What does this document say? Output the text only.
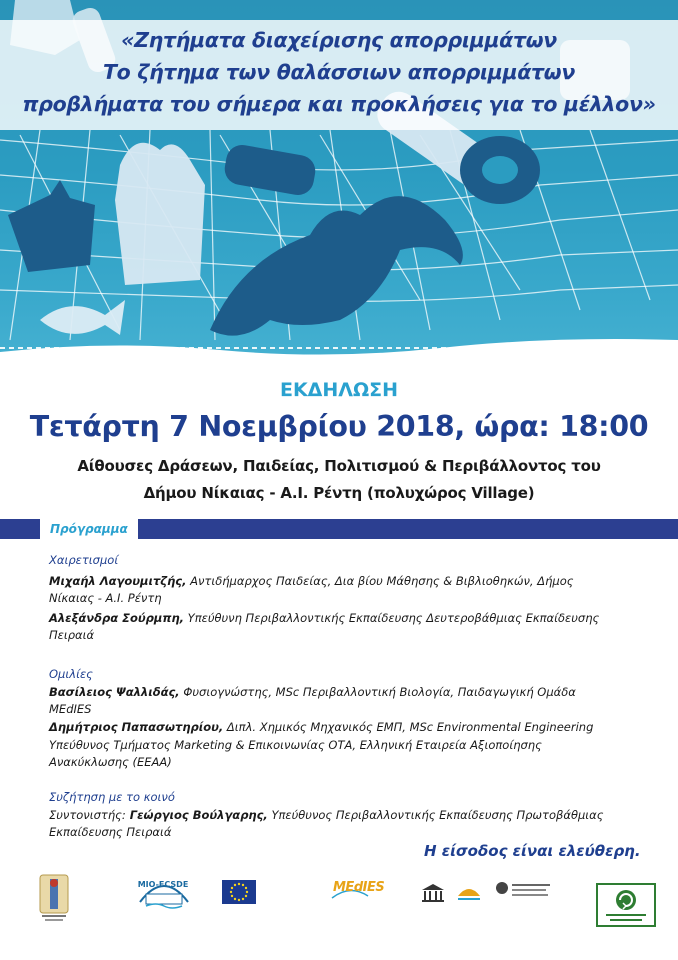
«Ζητήματα διαχείρισης απορριμμάτων
Το ζήτημα των θαλάσσιων απορριμμάτων
προβλήματα του σήμερα και προκλήσεις για το μέλλον»
ΕΚΔΗΛΩΣΗ
Τετάρτη 7 Νοεμβρίου 2018, ώρα: 18:00
Αίθουσες Δράσεων, Παιδείας, Πολιτισμού & Περιβάλλοντος του
Δήμου Νίκαιας - Α.Ι. Ρέντη (πολυχώρος Village)
Πρόγραμμα
Χαιρετισμοί
Μιχαήλ Λαγουμιτζής, Αντιδήμαρχος Παιδείας, Δια βίου Μάθησης & Βιβλιοθηκών, Δήμος
Νίκαιας - Α.Ι. Ρέντη
Αλεξάνδρα Σούρμπη, Υπεύθυνη Περιβαλλοντικής Εκπαίδευσης Δευτεροβάθμιας Εκπαίδευσης
Πειραιά
Ομιλίες
Βασίλειος Ψαλλιδάς, Φυσιογνώστης, MSc Περιβαλλοντική Βιολογία, Παιδαγωγική Ομάδα
MEdIES
Δημήτριος Παπασωτηρίου, Διπλ. Χημικός Μηχανικός ΕΜΠ, MSc Environmental Engineering
Υπεύθυνος Τμήματος Marketing & Επικοινωνίας ΟΤΑ, Ελληνική Εταιρεία Αξιοποίησης
Ανακύκλωσης (ΕΕΑΑ)
Συζήτηση με το κοινό
Συντονιστής: Γεώργιος Βούλγαρης, Υπεύθυνος Περιβαλλοντικής Εκπαίδευσης Πρωτοβάθμιας
Εκπαίδευσης Πειραιά
Η είσοδος είναι ελεύθερη.
MIO-ECSDE	MEdIES
